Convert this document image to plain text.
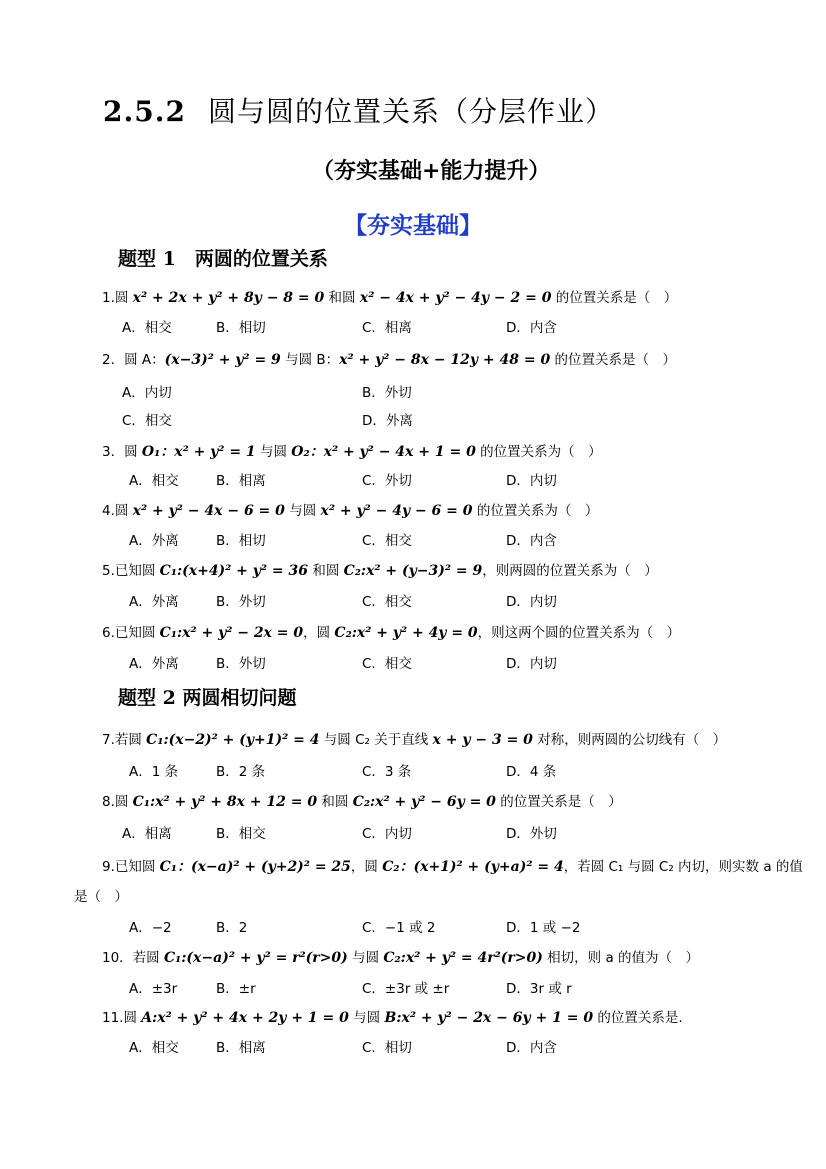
2.5.2 圆与圆的位置关系（分层作业）
（夯实基础+能力提升）
【夯实基础】
题型 1　两圆的位置关系
1.圆 x² + 2x + y² + 8y − 8 = 0 和圆 x² − 4x + y² − 4y − 2 = 0 的位置关系是（　）
A．相交	B．相切	C．相离	D．内含
2．圆 A：(x−3)² + y² = 9 与圆 B：x² + y² − 8x − 12y + 48 = 0 的位置关系是（　）
A．内切	B．外切
C．相交	D．外离
3．圆 O₁：x² + y² = 1 与圆 O₂：x² + y² − 4x + 1 = 0 的位置关系为（　）
A．相交	B．相离	C．外切	D．内切
4.圆 x² + y² − 4x − 6 = 0 与圆 x² + y² − 4y − 6 = 0 的位置关系为（　）
A．外离	B．相切	C．相交	D．内含
5.已知圆 C₁:(x+4)² + y² = 36 和圆 C₂:x² + (y−3)² = 9，则两圆的位置关系为（　）
A．外离	B．外切	C．相交	D．内切
6.已知圆 C₁:x² + y² − 2x = 0，圆 C₂:x² + y² + 4y = 0，则这两个圆的位置关系为（　）
A．外离	B．外切	C．相交	D．内切
题型 2 两圆相切问题
7.若圆 C₁:(x−2)² + (y+1)² = 4 与圆 C₂ 关于直线 x + y − 3 = 0 对称，则两圆的公切线有（　）
A．1 条	B．2 条	C．3 条	D．4 条
8.圆 C₁:x² + y² + 8x + 12 = 0 和圆 C₂:x² + y² − 6y = 0 的位置关系是（　）
A．相离	B．相交	C．内切	D．外切
9.已知圆 C₁：(x−a)² + (y+2)² = 25，圆 C₂：(x+1)² + (y+a)² = 4，若圆 C₁ 与圆 C₂ 内切，则实数 a 的值
是（　）
A．−2	B．2	C．−1 或 2	D．1 或 −2
10．若圆 C₁:(x−a)² + y² = r²(r>0) 与圆 C₂:x² + y² = 4r²(r>0) 相切，则 a 的值为（　）
A．±3r	B．±r	C．±3r 或 ±r	D．3r 或 r
11.圆 A:x² + y² + 4x + 2y + 1 = 0 与圆 B:x² + y² − 2x − 6y + 1 = 0 的位置关系是.
A．相交	B．相离	C．相切	D．内含
